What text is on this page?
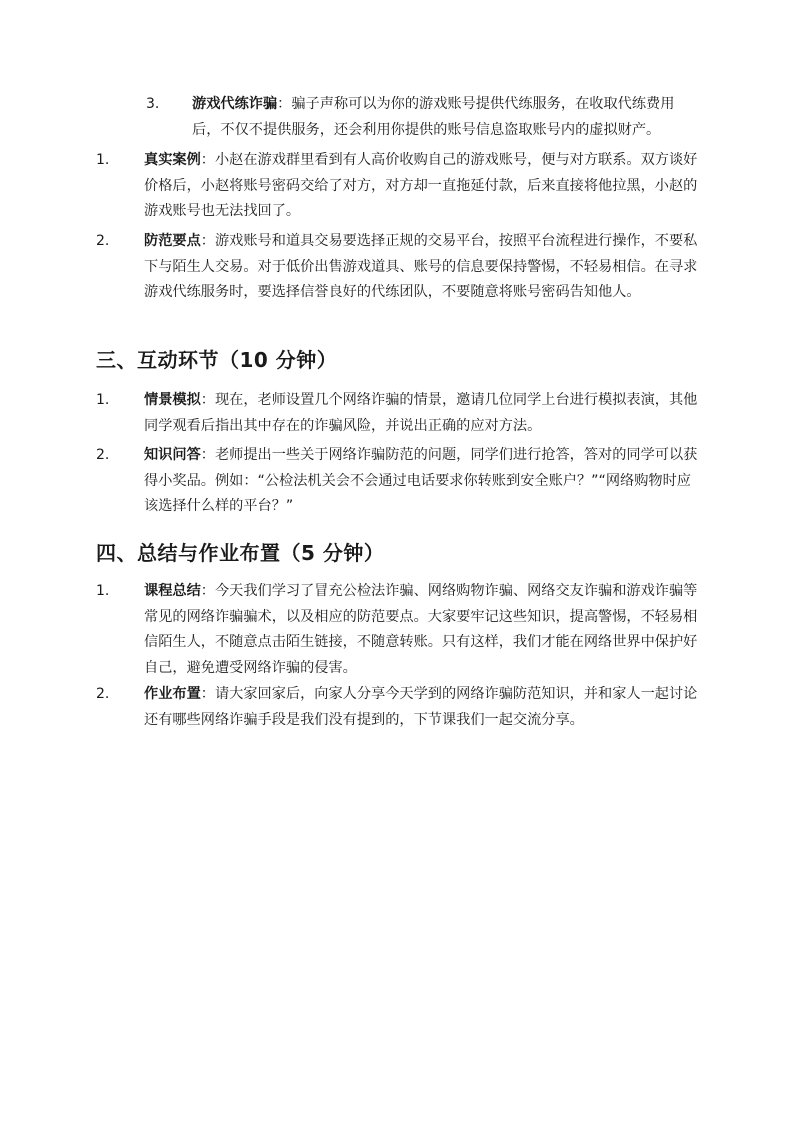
3. 游戏代练诈骗：骗子声称可以为你的游戏账号提供代练服务，在收取代练费用后，不仅不提供服务，还会利用你提供的账号信息盗取账号内的虚拟财产。
1. 真实案例：小赵在游戏群里看到有人高价收购自己的游戏账号，便与对方联系。双方谈好价格后，小赵将账号密码交给了对方，对方却一直拖延付款，后来直接将他拉黑，小赵的游戏账号也无法找回了。
2. 防范要点：游戏账号和道具交易要选择正规的交易平台，按照平台流程进行操作，不要私下与陌生人交易。对于低价出售游戏道具、账号的信息要保持警惕，不轻易相信。在寻求游戏代练服务时，要选择信誉良好的代练团队，不要随意将账号密码告知他人。
三、互动环节（10 分钟）
1. 情景模拟：现在，老师设置几个网络诈骗的情景，邀请几位同学上台进行模拟表演，其他同学观看后指出其中存在的诈骗风险，并说出正确的应对方法。
2. 知识问答：老师提出一些关于网络诈骗防范的问题，同学们进行抢答，答对的同学可以获得小奖品。例如：“公检法机关会不会通过电话要求你转账到安全账户？”“网络购物时应该选择什么样的平台？”
四、总结与作业布置（5 分钟）
1. 课程总结：今天我们学习了冒充公检法诈骗、网络购物诈骗、网络交友诈骗和游戏诈骗等常见的网络诈骗骗术，以及相应的防范要点。大家要牢记这些知识，提高警惕，不轻易相信陌生人，不随意点击陌生链接，不随意转账。只有这样，我们才能在网络世界中保护好自己，避免遭受网络诈骗的侵害。
2. 作业布置：请大家回家后，向家人分享今天学到的网络诈骗防范知识，并和家人一起讨论还有哪些网络诈骗手段是我们没有提到的，下节课我们一起交流分享。
